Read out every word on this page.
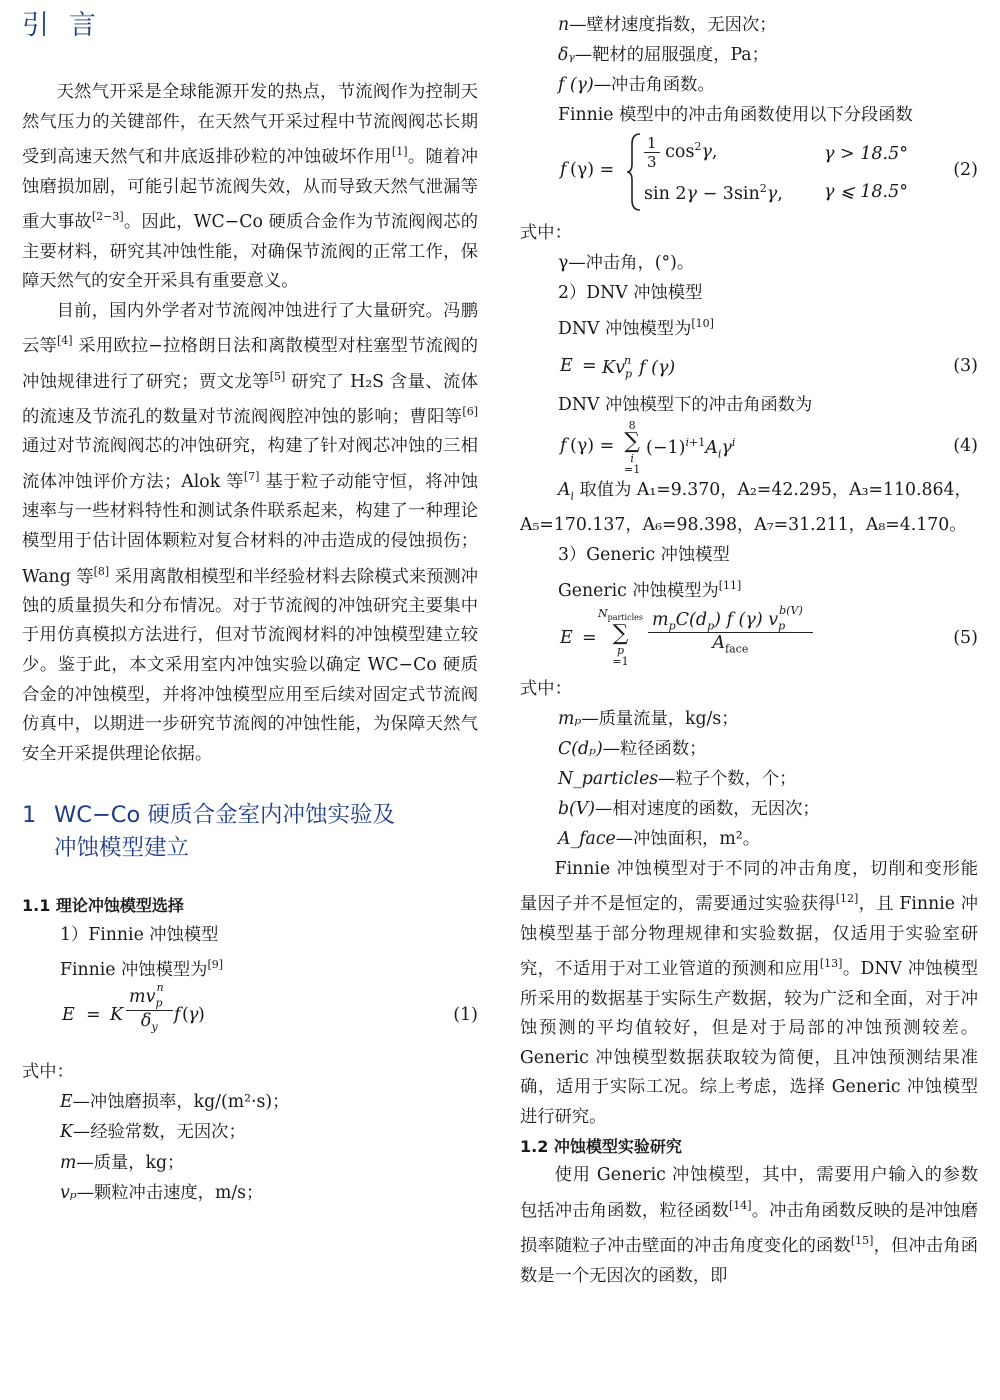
引言

天然气开采是全球能源开发的热点，节流阀作为控制天然气压力的关键部件，在天然气开采过程中节流阀阀芯长期受到高速天然气和井底返排砂粒的冲蚀破坏作用[1]。随着冲蚀磨损加剧，可能引起节流阀失效，从而导致天然气泄漏等重大事故[2−3]。因此，WC−Co 硬质合金作为节流阀阀芯的主要材料，研究其冲蚀性能，对确保节流阀的正常工作，保障天然气的安全开采具有重要意义。

目前，国内外学者对节流阀冲蚀进行了大量研究。冯鹏云等[4] 采用欧拉−拉格朗日法和离散模型对柱塞型节流阀的冲蚀规律进行了研究；贾文龙等[5] 研究了 H₂S 含量、流体的流速及节流孔的数量对节流阀阀腔冲蚀的影响；曹阳等[6] 通过对节流阀阀芯的冲蚀研究，构建了针对阀芯冲蚀的三相流体冲蚀评价方法；Alok 等[7] 基于粒子动能守恒，将冲蚀速率与一些材料特性和测试条件联系起来，构建了一种理论模型用于估计固体颗粒对复合材料的冲击造成的侵蚀损伤；Wang 等[8] 采用离散相模型和半经验材料去除模式来预测冲蚀的质量损失和分布情况。对于节流阀的冲蚀研究主要集中于用仿真模拟方法进行，但对节流阀材料的冲蚀模型建立较少。鉴于此，本文采用室内冲蚀实验以确定 WC−Co 硬质合金的冲蚀模型，并将冲蚀模型应用至后续对固定式节流阀仿真中，以期进一步研究节流阀的冲蚀性能，为保障天然气安全开采提供理论依据。

1 WC−Co 硬质合金室内冲蚀实验及
冲蚀模型建立
1.1 理论冲蚀模型选择

1）Finnie 冲蚀模型

Finnie 冲蚀模型为[9]

E = K
$mv_p^n$
$\delta_y$
f ( γ )	(1)

式中：

E—冲蚀磨损率，kg/(m²·s)；

K—经验常数，无因次；

m—质量，kg；

vₚ—颗粒冲击速度，m/s；

n—壁材速度指数，无因次；

δᵧ—靶材的屈服强度，Pa；

f (γ)—冲击角函数。

Finnie 模型中的冲击角函数使用以下分段函数

f $(\gamma) = \frac{1}{3} \cos^2\gamma$,
$\sin 2\gamma - 3\sin^2\gamma$,
γ > 18.5°
γ ⩽ 18.5°
(2)

式中：

γ—冲击角，(°)。

2）DNV 冲蚀模型

DNV 冲蚀模型为[10]

$E = Kv_p^n$ f (γ)	(3)

DNV 冲蚀模型下的冲击角函数为

f (γ) =
8
∑
i
=1
$(-1)^{i+1}A_i\gamma^i$	(4)

$A_i$ 取值为 A₁=9.370，A₂=42.295，A₃=110.864，

A₅=170.137，A₆=98.398，A₇=31.211，A₈=4.170。

3）Generic 冲蚀模型

Generic 冲蚀模型为[11]

E =
$N_{particles}$
∑
p
=1
$m_pC(d_p)$ f (γ) $v_p^{b(V)}$
$A_{face}$
(5)

式中：

mₚ—质量流量，kg/s；

C(dₚ)—粒径函数；

N_particles—粒子个数，个；

b(V)—相对速度的函数，无因次；

A_face—冲蚀面积，m²。

Finnie 冲蚀模型对于不同的冲击角度，切削和变形能量因子并不是恒定的，需要通过实验获得[12]，且 Finnie 冲蚀模型基于部分物理规律和实验数据，仅适用于实验室研究，不适用于对工业管道的预测和应用[13]。DNV 冲蚀模型所采用的数据基于实际生产数据，较为广泛和全面，对于冲蚀预测的平均值较好，但是对于局部的冲蚀预测较差。Generic 冲蚀模型数据获取较为简便，且冲蚀预测结果准确，适用于实际工况。综上考虑，选择 Generic 冲蚀模型进行研究。

1.2 冲蚀模型实验研究

使用 Generic 冲蚀模型，其中，需要用户输入的参数包括冲击角函数，粒径函数[14]。冲击角函数反映的是冲蚀磨损率随粒子冲击壁面的冲击角度变化的函数[15]，但冲击角函数是一个无因次的函数，即
